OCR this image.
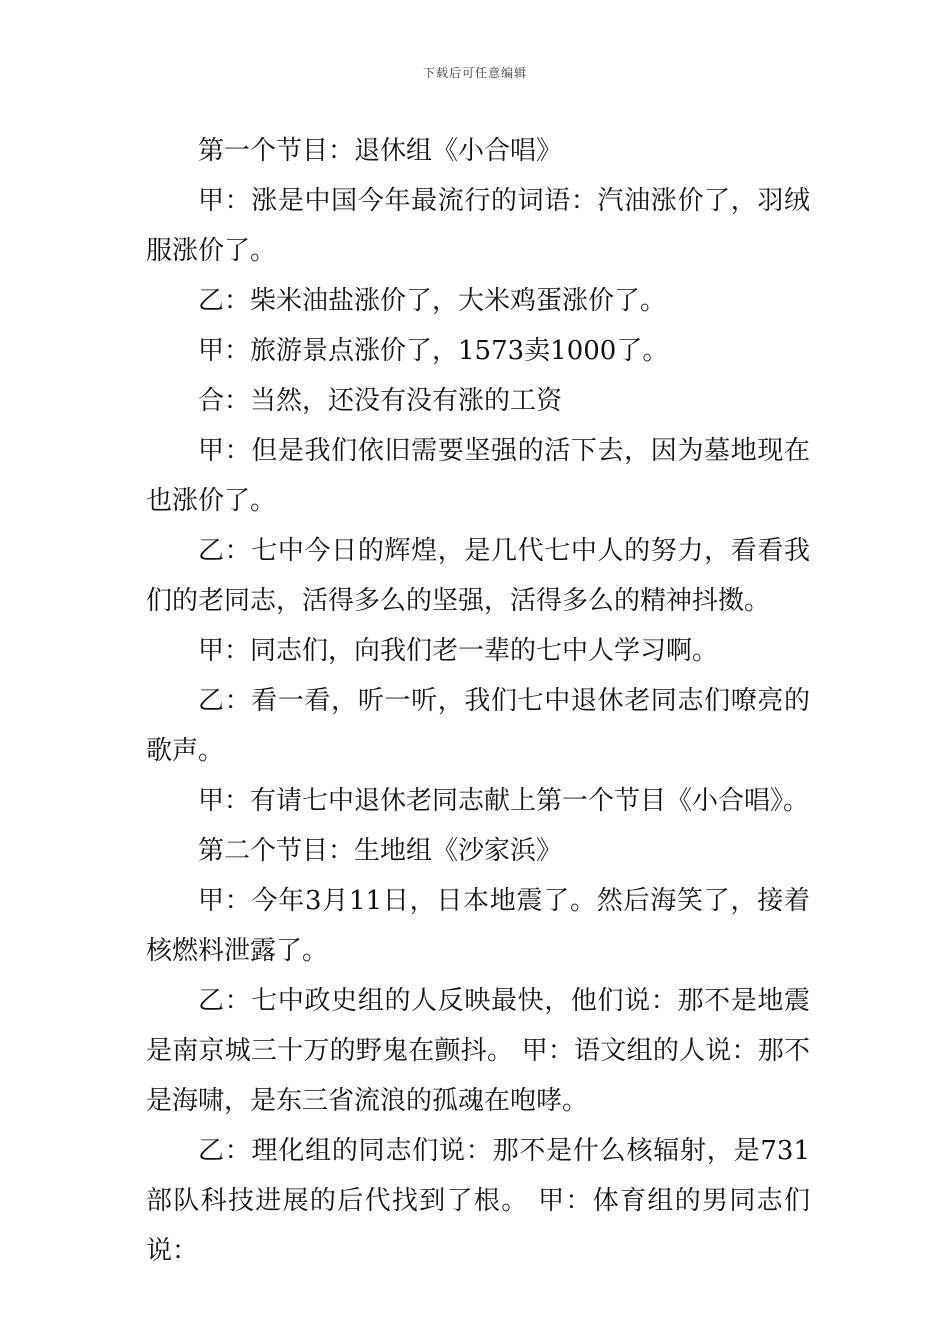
下载后可任意编辑

第一个节目：退休组《小合唱》

甲：涨是中国今年最流行的词语：汽油涨价了，羽绒服涨价了。

乙：柴米油盐涨价了，大米鸡蛋涨价了。

甲：旅游景点涨价了，1573卖1000了。

合：当然，还没有没有涨的工资

甲：但是我们依旧需要坚强的活下去，因为墓地现在也涨价了。

乙：七中今日的辉煌，是几代七中人的努力，看看我们的老同志，活得多么的坚强，活得多么的精神抖擞。

甲：同志们，向我们老一辈的七中人学习啊。

乙：看一看，听一听，我们七中退休老同志们嘹亮的歌声。

甲：有请七中退休老同志献上第一个节目《小合唱》。

第二个节目：生地组《沙家浜》

甲：今年3月11日，日本地震了。然后海笑了，接着核燃料泄露了。

乙：七中政史组的人反映最快，他们说：那不是地震是南京城三十万的野鬼在颤抖。 甲：语文组的人说：那不是海啸，是东三省流浪的孤魂在咆哮。

乙：理化组的同志们说：那不是什么核辐射，是731部队科技进展的后代找到了根。 甲：体育组的男同志们说：
